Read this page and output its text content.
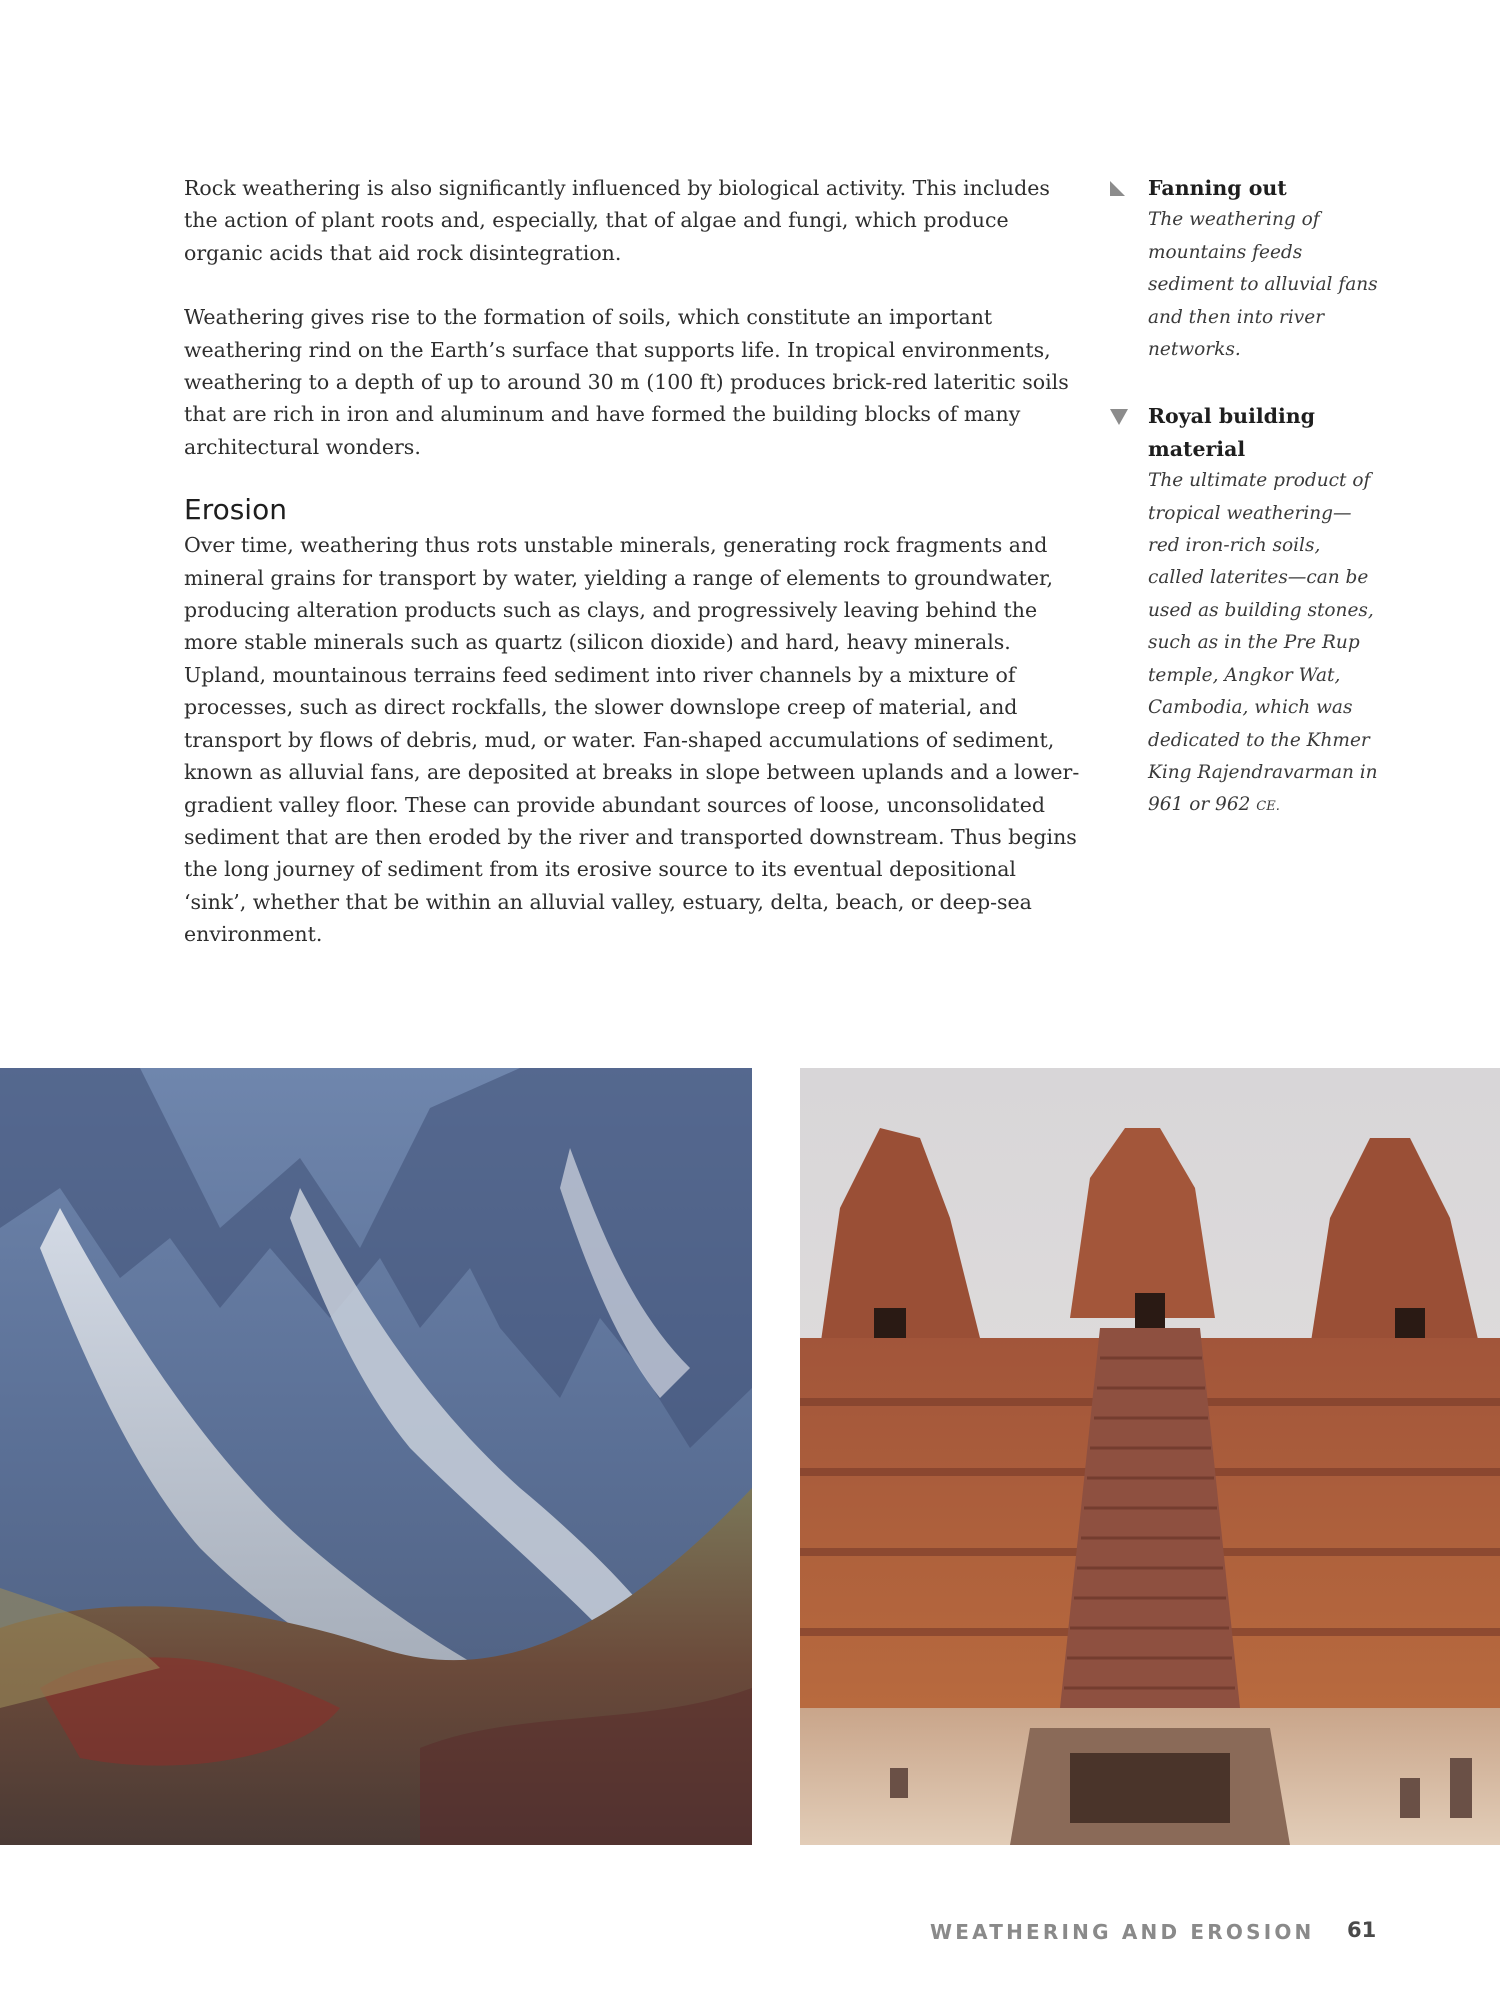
Rock weathering is also significantly influenced by biological activity. This includes the action of plant roots and, especially, that of algae and fungi, which produce organic acids that aid rock disintegration.

Weathering gives rise to the formation of soils, which constitute an important weathering rind on the Earth’s surface that supports life. In tropical environments, weathering to a depth of up to around 30 m (100 ft) produces brick-red lateritic soils that are rich in iron and aluminum and have formed the building blocks of many architectural wonders.

Erosion

Over time, weathering thus rots unstable minerals, generating rock fragments and mineral grains for transport by water, yielding a range of elements to groundwater, producing alteration products such as clays, and progressively leaving behind the more stable minerals such as quartz (silicon dioxide) and hard, heavy minerals. Upland, mountainous terrains feed sediment into river channels by a mixture of processes, such as direct rockfalls, the slower downslope creep of material, and transport by flows of debris, mud, or water. Fan-shaped accumulations of sediment, known as alluvial fans, are deposited at breaks in slope between uplands and a lower-gradient valley floor. These can provide abundant sources of loose, unconsolidated sediment that are then eroded by the river and transported downstream. Thus begins the long journey of sediment from its erosive source to its eventual depositional ‘sink’, whether that be within an alluvial valley, estuary, delta, beach, or deep-sea environment.

Fanning out
The weathering of mountains feeds sediment to alluvial fans and then into river networks.
Royal building material
The ultimate product of tropical weathering—red iron-rich soils, called laterites—can be used as building stones, such as in the Pre Rup temple, Angkor Wat, Cambodia, which was dedicated to the Khmer King Rajendravarman in 961 or 962 CE.
WEATHERING AND EROSION 61
